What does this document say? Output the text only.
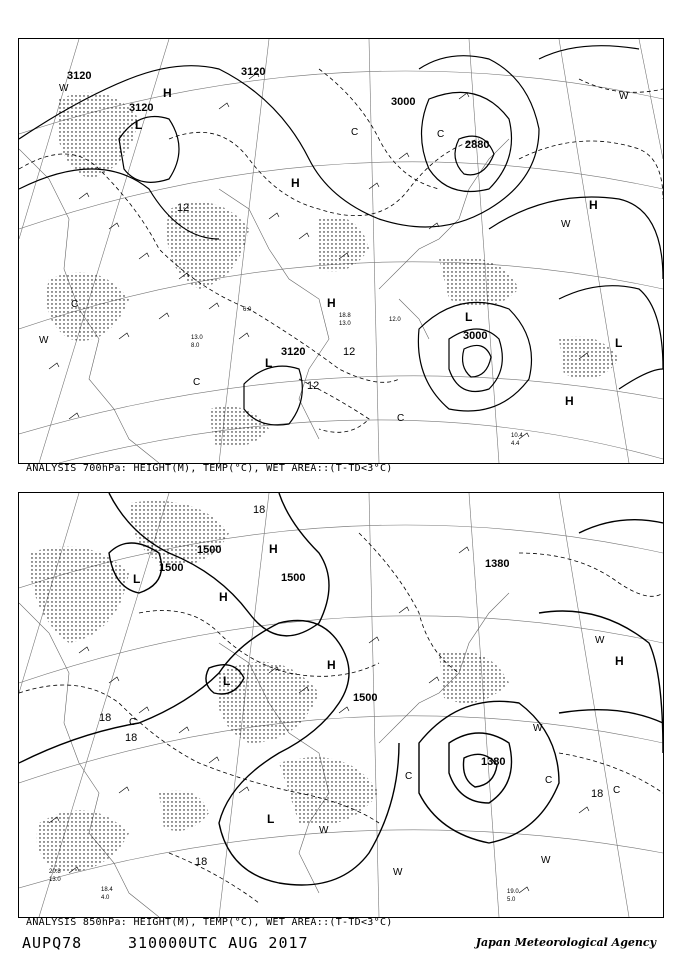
3120
3120
3120
3000
3000
2880
3120
12
12
12
H
L
L
H
H
H
L
L
H
C
W
W
C
W
C
C	C
W
10.4
4.4
13.0
8.0
12.0
6.0
18.8
13.0
ANALYSIS 700hPa: HEIGHT(M), TEMP(°C), WET AREA::(T-TD<3°C)
1500
1500
1500
1500
1380
1380
18
18
18
18
18
L
H
H
H	H
L
L
C
C
W
C
W
W
W
C
W
19.0
5.0
18.4
4.0
20.8
13.0
ANALYSIS 850hPa: HEIGHT(M), TEMP(°C), WET AREA::(T-TD<3°C)
AUPQ78	310000UTC AUG 2017	Japan Meteorological Agency
